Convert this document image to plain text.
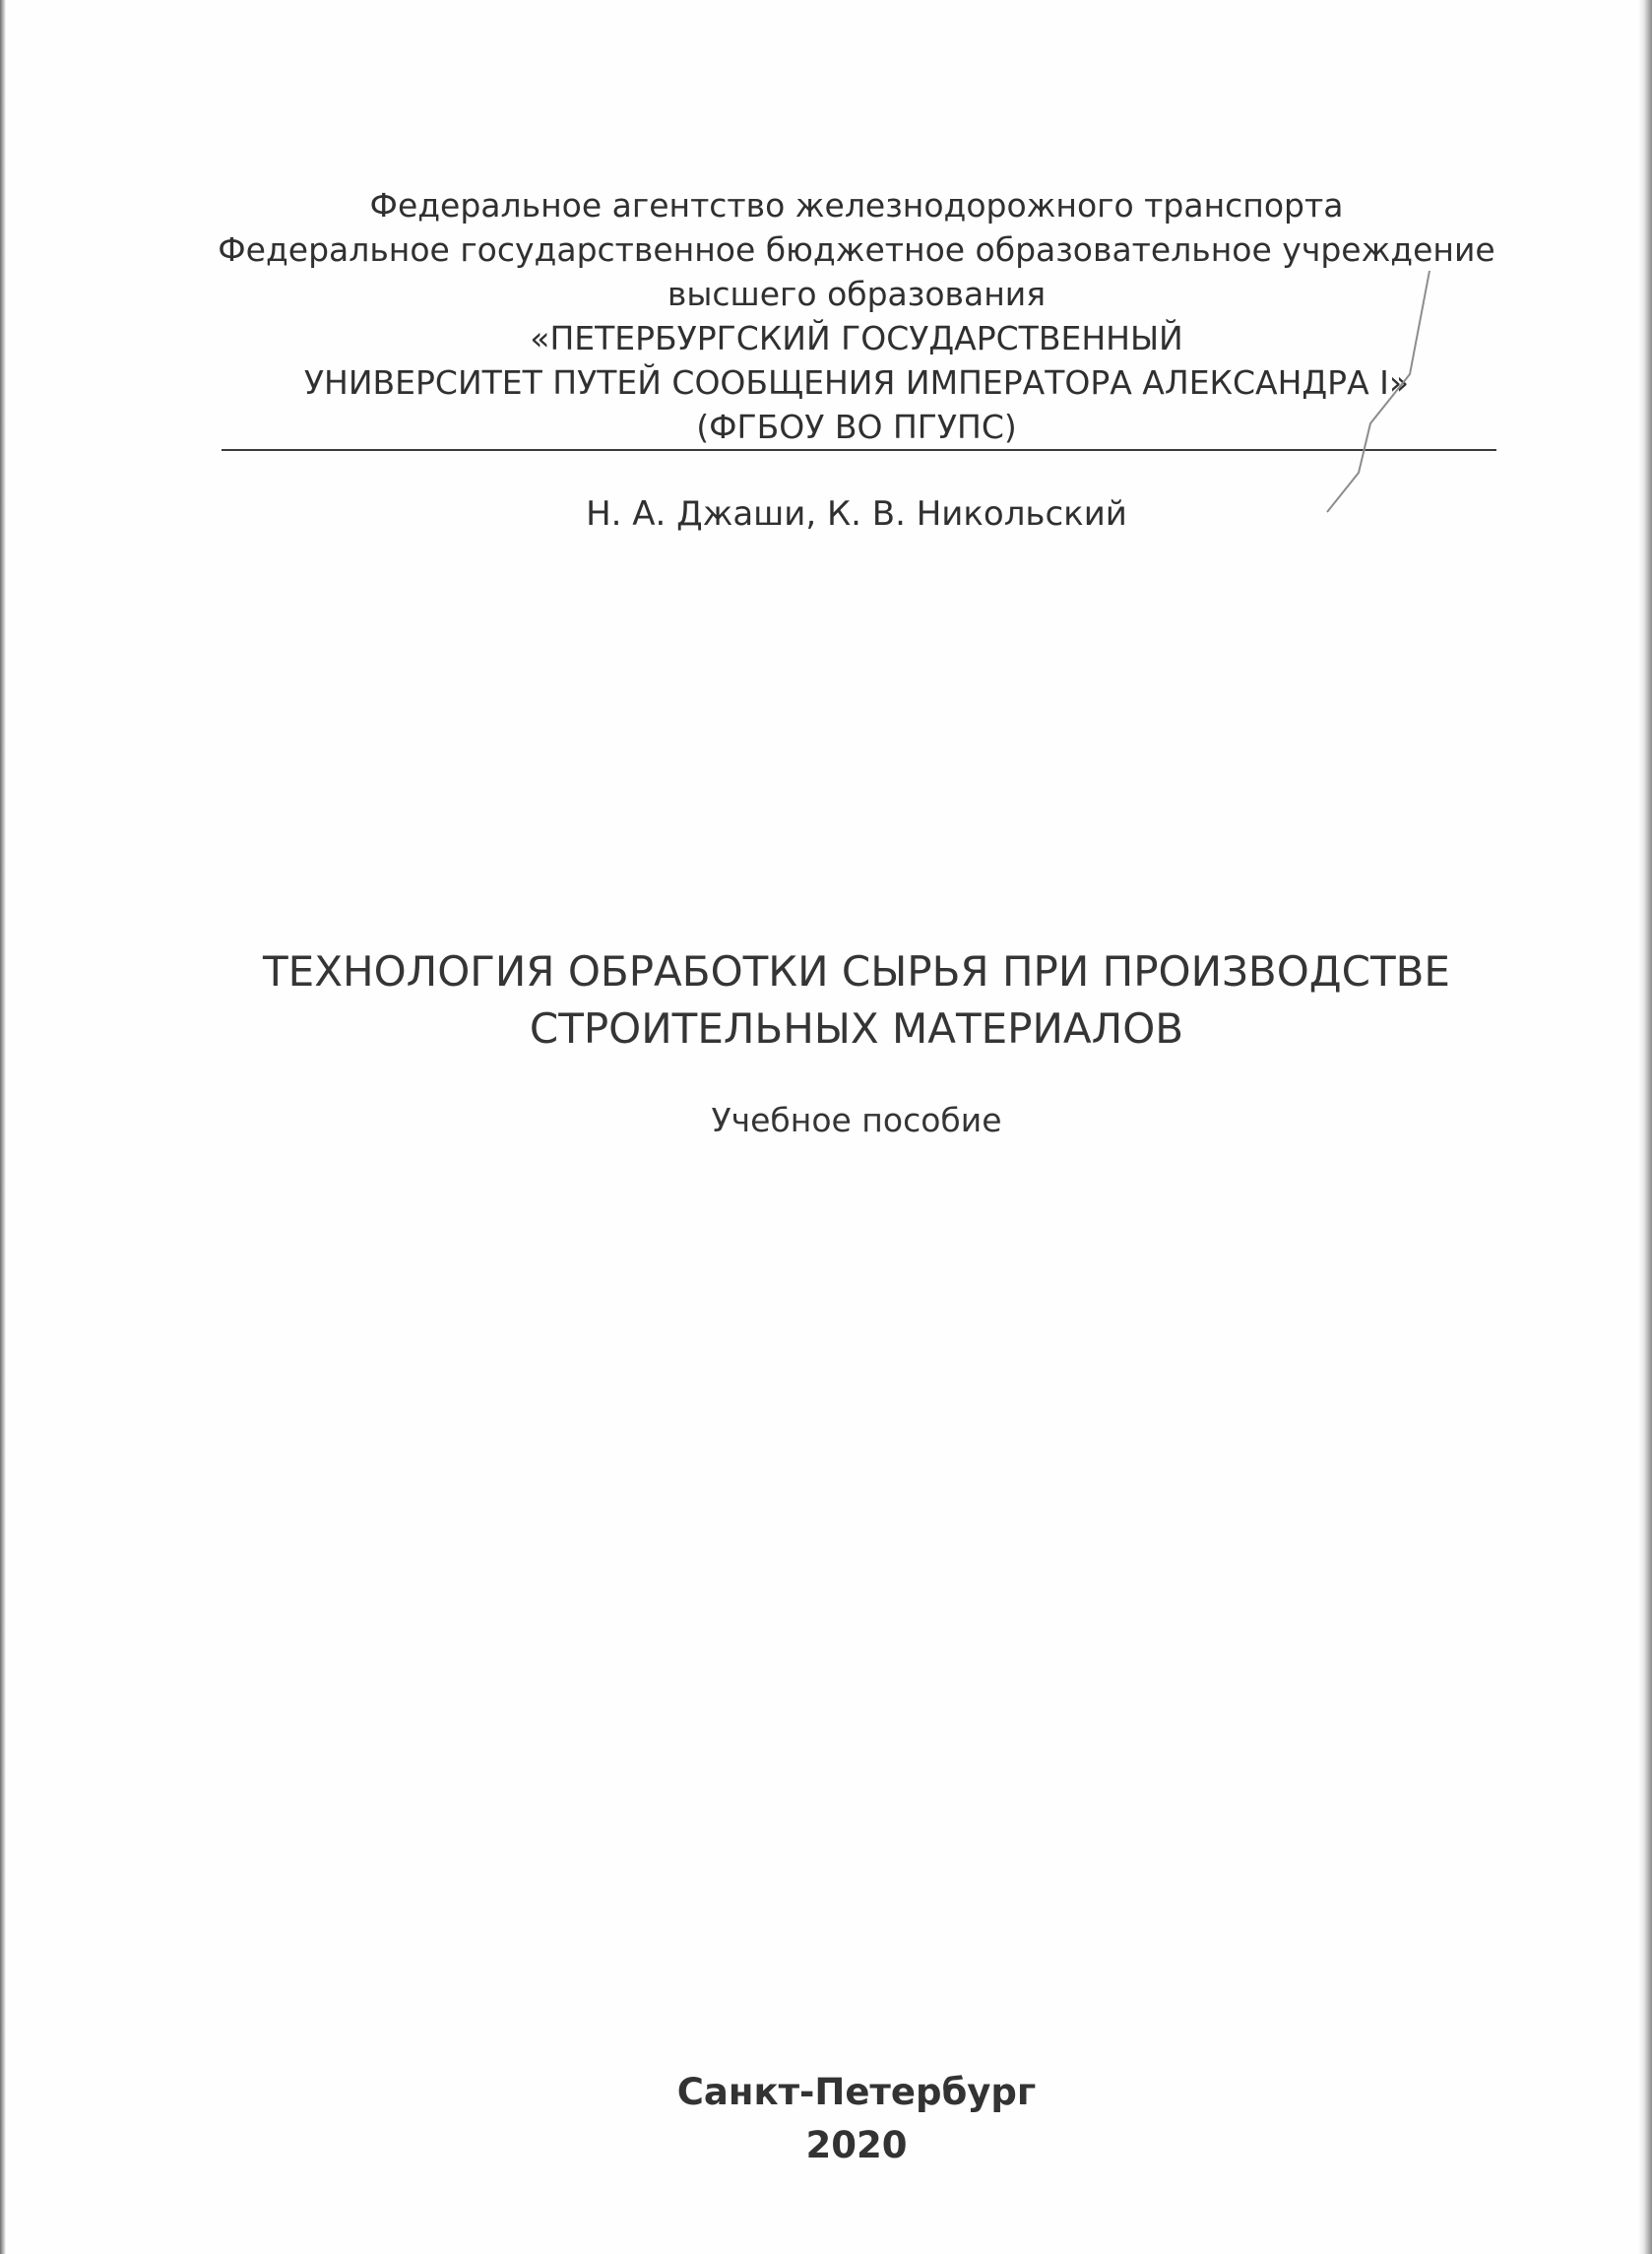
Федеральное агентство железнодорожного транспорта
Федеральное государственное бюджетное образовательное учреждение
высшего образования
«ПЕТЕРБУРГСКИЙ ГОСУДАРСТВЕННЫЙ
УНИВЕРСИТЕТ ПУТЕЙ СООБЩЕНИЯ ИМПЕРАТОРА АЛЕКСАНДРА I»
(ФГБОУ ВО ПГУПС)
Н. А. Джаши, К. В. Никольский
ТЕХНОЛОГИЯ ОБРАБОТКИ СЫРЬЯ ПРИ ПРОИЗВОДСТВЕ
СТРОИТЕЛЬНЫХ МАТЕРИАЛОВ
Учебное пособие
Санкт-Петербург
2020
